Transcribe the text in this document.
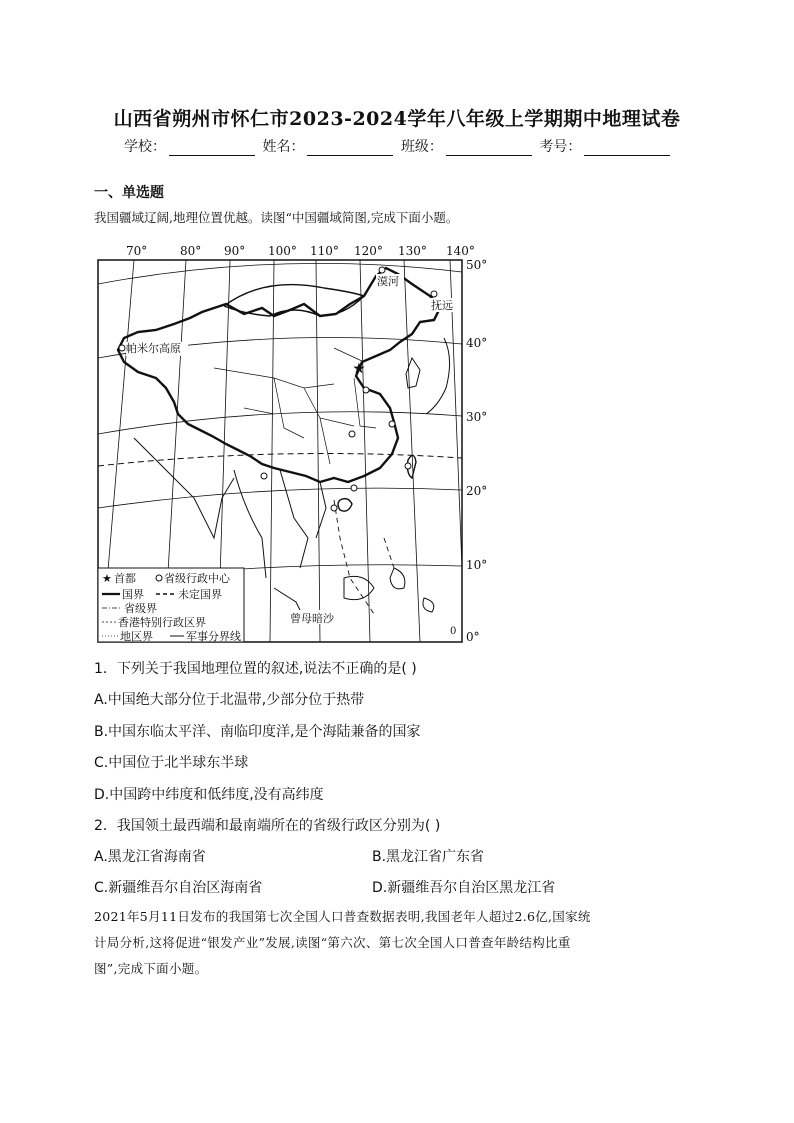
山西省朔州市怀仁市2023-2024学年八年级上学期期中地理试卷
学校：	姓名：	班级：	考号：
一、单选题
我国疆域辽阔,地理位置优越。读图“中国疆域简图,完成下面小题。
70°	80° 90° 100° 110° 120° 130° 140°
50°
40°
30°
20°
10°
0°
★
漠河
抚远
帕米尔高原
曾母暗沙
0
★ 首都	省级行政中心
国界	未定国界
省级界
香港特别行政区界
地区界	军事分界线
1．下列关于我国地理位置的叙述,说法不正确的是( )
A.中国绝大部分位于北温带,少部分位于热带
B.中国东临太平洋、南临印度洋,是个海陆兼备的国家
C.中国位于北半球东半球
D.中国跨中纬度和低纬度,没有高纬度
2．我国领土最西端和最南端所在的省级行政区分别为( )
A.黑龙江省海南省	B.黑龙江省广东省
C.新疆维吾尔自治区海南省	D.新疆维吾尔自治区黑龙江省
2021年5月11日发布的我国第七次全国人口普查数据表明,我国老年人超过2.6亿,国家统
计局分析,这将促进“银发产业”发展,读图“第六次、第七次全国人口普查年龄结构比重
图”,完成下面小题。
